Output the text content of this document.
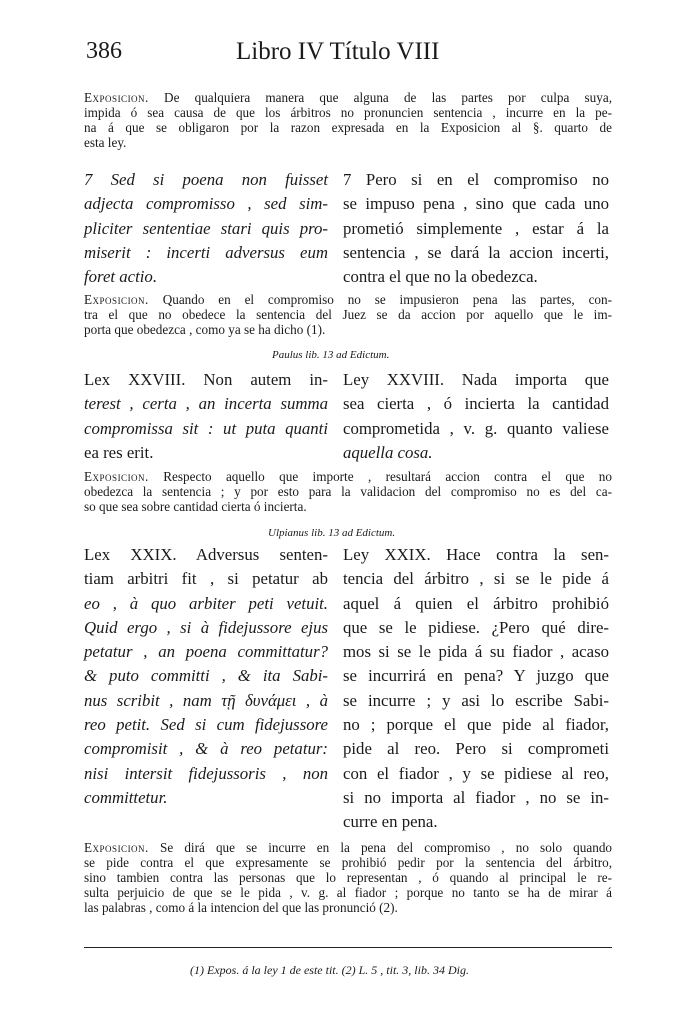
386	Libro IV Título VIII
Exposicion. De qualquiera manera que alguna de las partes por culpa suya,
impida ó sea causa de que los árbitros no pronuncien sentencia , incurre en la pe-
na á que se obligaron por la razon expresada en la Exposicion al §. quarto de
esta ley.
7 Sed si poena non fuisset
adjecta compromisso , sed sim-
pliciter sententiae stari quis pro-
miserit : incerti adversus eum
foret actio.
7 Pero si en el compromiso no
se impuso pena , sino que cada uno
prometió simplemente , estar á la
sentencia , se dará la accion incerti,
contra el que no la obedezca.
Exposicion. Quando en el compromiso no se impusieron pena las partes, con-
tra el que no obedece la sentencia del Juez se da accion por aquello que le im-
porta que obedezca , como ya se ha dicho (1).
Paulus lib. 13 ad Edictum.
Lex XXVIII. Non autem in-
terest , certa , an incerta summa
compromissa sit : ut puta quanti
ea res erit.
Ley XXVIII. Nada importa que
sea cierta , ó incierta la cantidad
comprometida , v. g. quanto valiese
aquella cosa.
Exposicion. Respecto aquello que importe , resultará accion contra el que no
obedezca la sentencia ; y por esto para la validacion del compromiso no es del ca-
so que sea sobre cantidad cierta ó incierta.
Ulpianus lib. 13 ad Edictum.
Lex XXIX. Adversus senten-
tiam arbitri fit , si petatur ab
eo , à quo arbiter peti vetuit.
Quid ergo , si à fidejussore ejus
petatur , an poena committatur?
& puto committi , & ita Sabi-
nus scribit , nam τῇ δυνάμει , à
reo petit. Sed si cum fidejussore
compromisit , & à reo petatur:
nisi intersit fidejussoris , non
committetur.
Ley XXIX. Hace contra la sen-
tencia del árbitro , si se le pide á
aquel á quien el árbitro prohibió
que se le pidiese. ¿Pero qué dire-
mos si se le pida á su fiador , acaso
se incurrirá en pena? Y juzgo que
se incurre ; y asi lo escribe Sabi-
no ; porque el que pide al fiador,
pide al reo. Pero si comprometi
con el fiador , y se pidiese al reo,
si no importa al fiador , no se in-
curre en pena.
Exposicion. Se dirá que se incurre en la pena del compromiso , no solo quando
se pide contra el que expresamente se prohibió pedir por la sentencia del árbitro,
sino tambien contra las personas que lo representan , ó quando al principal le re-
sulta perjuicio de que se le pida , v. g. al fiador ; porque no tanto se ha de mirar á
las palabras , como á la intencion del que las pronunció (2).
(1) Expos. á la ley 1 de este tit. (2) L. 5 , tit. 3, lib. 34 Dig.
